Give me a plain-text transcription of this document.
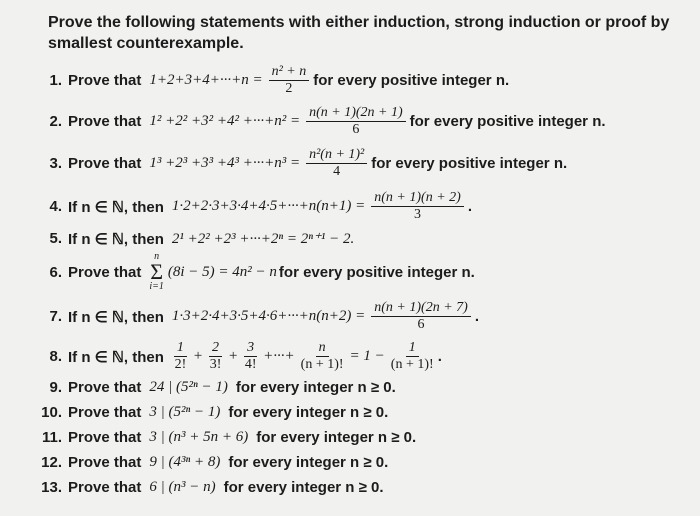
Prove the following statements with either induction, strong induction or proof by smallest counterexample.
1. Prove that $1+2+3+4+\cdot\cdot\cdot+n = \frac{\text{n² + n}}{2}$ for every positive integer n.
2. Prove that $1^2 +2^2 +3^2 +4^2 +\cdot\cdot\cdot+n^2 = \frac{n(n + 1)(2n + 1)}{6}$ for every positive integer n.
3. Prove that $1^3 +2^3 +3^3 +4^3 +\cdot\cdot\cdot+n^3 = \frac{\text{n²(n + 1)²}}{4}$ for every positive integer n.
4. If n ∈ ℕ, then $1\cdot 2+2\cdot 3+3\cdot 4+4\cdot 5+\cdot\cdot\cdot+n(n+1) = \frac{n(n + 1)(n + 2)}{3}$ .
5. If n ∈ ℕ, then 2¹ +2² +2³ +···+2ⁿ = 2ⁿ⁺¹ − 2.
6. Prove that
n
Σ
i=1
(8i − 5) = 4n² − n for every positive integer n.
7. If n ∈ ℕ, then $1\cdot 3+2\cdot 4+3\cdot 5+4\cdot 6+\cdot\cdot\cdot+n(n+2) = \frac{n(n + 1)(2n + 7)}{6}$ .
8. If n ∈ ℕ, then $\frac{1}{2!} + \frac{2}{3!} + \frac{3}{4!}$ +···+ $\frac{n}{(n + 1)!} = 1 - \frac{1}{(n + 1)!}$ .
9. Prove that 24 | (5²ⁿ − 1) for every integer n ≥ 0.
10. Prove that 3 | (5²ⁿ − 1) for every integer n ≥ 0.
11. Prove that 3 | (n³ + 5n + 6) for every integer n ≥ 0.
12. Prove that 9 | (4³ⁿ + 8) for every integer n ≥ 0.
13. Prove that 6 | (n³ − n) for every integer n ≥ 0.
